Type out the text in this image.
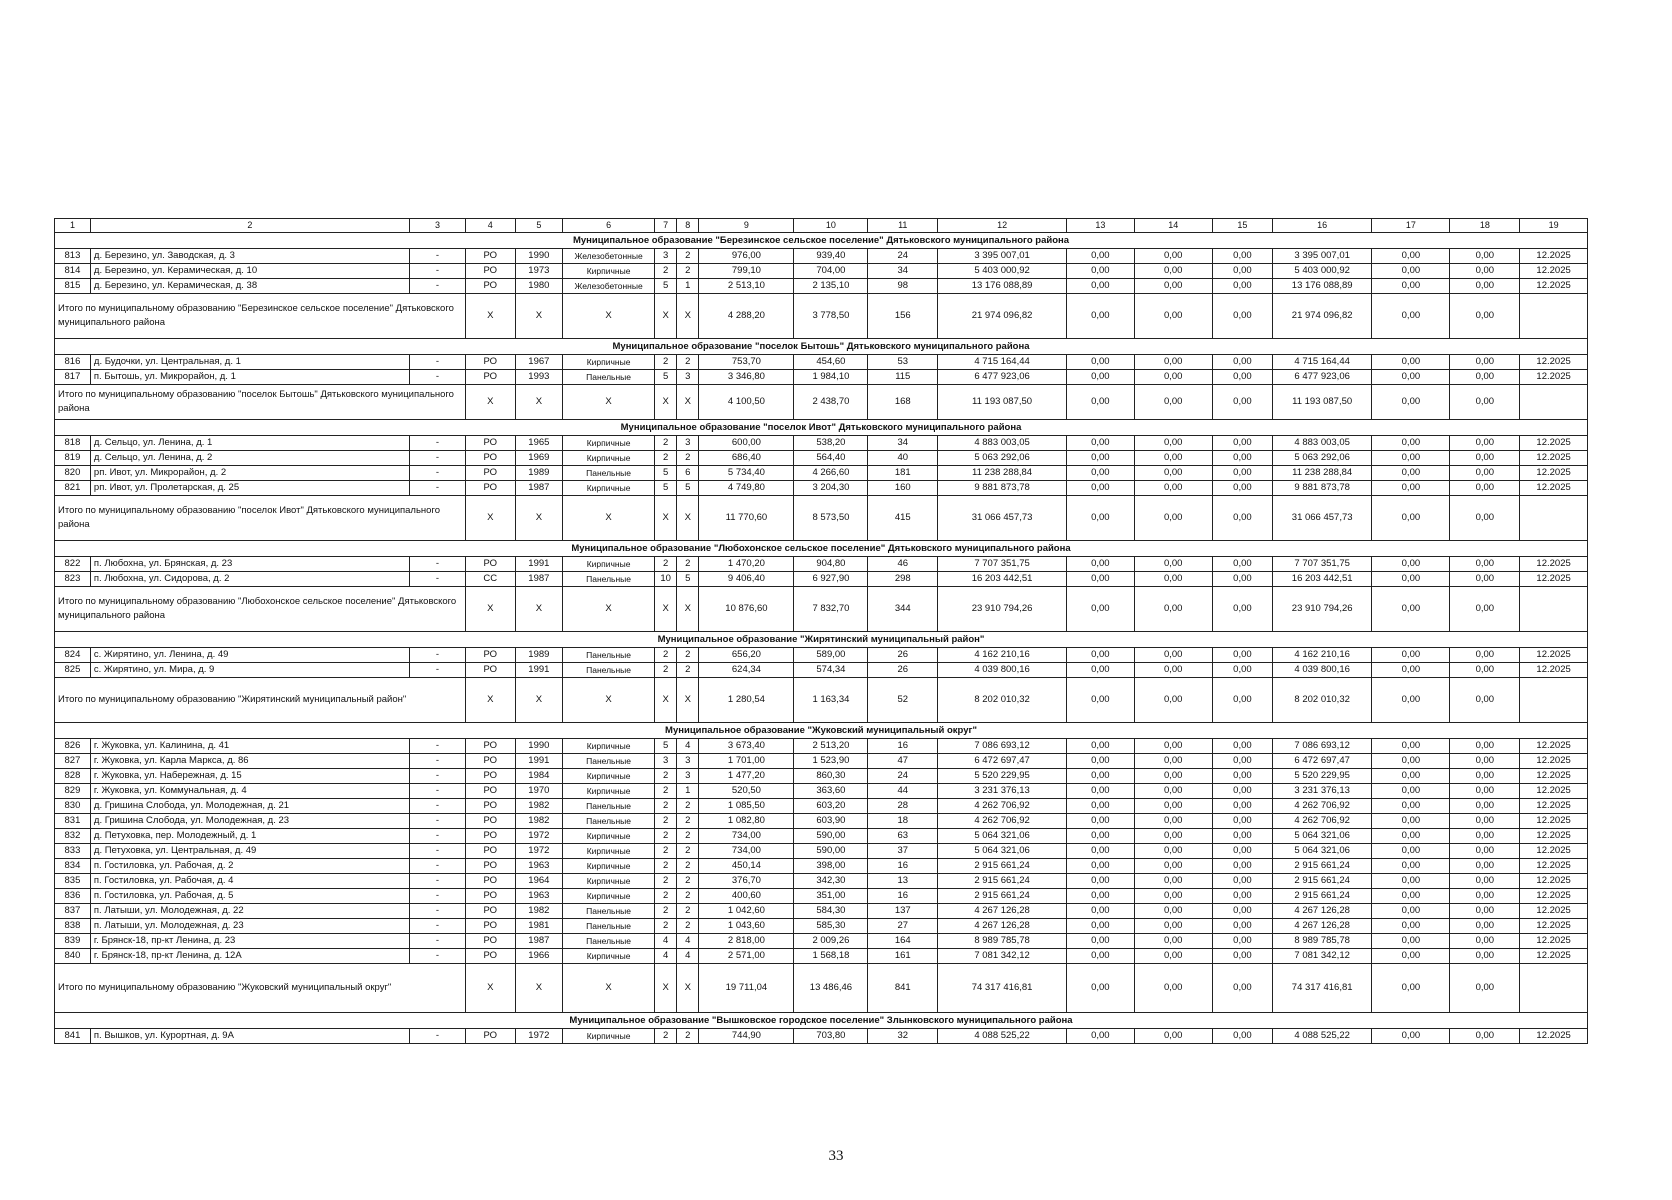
1	2	3	4	5	6	7	8	9	10	11	12	13	14	15	16	17	18	19
Муниципальное образование "Березинское сельское поселение" Дятьковского муниципального района																		
813	д. Березино, ул. Заводская, д. 3	-	РО	1990	Железобетонные	3	2	976,00	939,40	24	3 395 007,01	0,00	0,00	0,00	3 395 007,01	0,00	0,00	12.2025
814	д. Березино, ул. Керамическая, д. 10	-	РО	1973	Кирпичные	2	2	799,10	704,00	34	5 403 000,92	0,00	0,00	0,00	5 403 000,92	0,00	0,00	12.2025
815	д. Березино, ул. Керамическая, д. 38	-	РО	1980	Железобетонные	5	1	2 513,10	2 135,10	98	13 176 088,89	0,00	0,00	0,00	13 176 088,89	0,00	0,00	12.2025
Итого по муниципальному образованию "Березинское сельское поселение" Дятьковского муниципального района			X	X	X	X	X	4 288,20	3 778,50	156	21 974 096,82	0,00	0,00	0,00	21 974 096,82	0,00	0,00	
Муниципальное образование "поселок Бытошь" Дятьковского муниципального района																		
816	д. Будочки, ул. Центральная, д. 1	-	РО	1967	Кирпичные	2	2	753,70	454,60	53	4 715 164,44	0,00	0,00	0,00	4 715 164,44	0,00	0,00	12.2025
817	п. Бытошь, ул. Микрорайон, д. 1	-	РО	1993	Панельные	5	3	3 346,80	1 984,10	115	6 477 923,06	0,00	0,00	0,00	6 477 923,06	0,00	0,00	12.2025
Итого по муниципальному образованию "поселок Бытошь" Дятьковского муниципального района			X	X	X	X	X	4 100,50	2 438,70	168	11 193 087,50	0,00	0,00	0,00	11 193 087,50	0,00	0,00	
Муниципальное образование "поселок Ивот" Дятьковского муниципального района																		
818	д. Сельцо, ул. Ленина, д. 1	-	РО	1965	Кирпичные	2	3	600,00	538,20	34	4 883 003,05	0,00	0,00	0,00	4 883 003,05	0,00	0,00	12.2025
819	д. Сельцо, ул. Ленина, д. 2	-	РО	1969	Кирпичные	2	2	686,40	564,40	40	5 063 292,06	0,00	0,00	0,00	5 063 292,06	0,00	0,00	12.2025
820	рп. Ивот, ул. Микрорайон, д. 2	-	РО	1989	Панельные	5	6	5 734,40	4 266,60	181	11 238 288,84	0,00	0,00	0,00	11 238 288,84	0,00	0,00	12.2025
821	рп. Ивот, ул. Пролетарская, д. 25	-	РО	1987	Кирпичные	5	5	4 749,80	3 204,30	160	9 881 873,78	0,00	0,00	0,00	9 881 873,78	0,00	0,00	12.2025
Итого по муниципальному образованию "поселок Ивот" Дятьковского муниципального района			X	X	X	X	X	11 770,60	8 573,50	415	31 066 457,73	0,00	0,00	0,00	31 066 457,73	0,00	0,00	
Муниципальное образование "Любохонское сельское поселение" Дятьковского муниципального района																		
822	п. Любохна, ул. Брянская, д. 23	-	РО	1991	Кирпичные	2	2	1 470,20	904,80	46	7 707 351,75	0,00	0,00	0,00	7 707 351,75	0,00	0,00	12.2025
823	п. Любохна, ул. Сидорова, д. 2	-	СС	1987	Панельные	10	5	9 406,40	6 927,90	298	16 203 442,51	0,00	0,00	0,00	16 203 442,51	0,00	0,00	12.2025
Итого по муниципальному образованию "Любохонское сельское поселение" Дятьковского муниципального района			X	X	X	X	X	10 876,60	7 832,70	344	23 910 794,26	0,00	0,00	0,00	23 910 794,26	0,00	0,00	
Муниципальное образование "Жирятинский муниципальный район"																		
824	с. Жирятино, ул. Ленина, д. 49	-	РО	1989	Панельные	2	2	656,20	589,00	26	4 162 210,16	0,00	0,00	0,00	4 162 210,16	0,00	0,00	12.2025
825	с. Жирятино, ул. Мира, д. 9	-	РО	1991	Панельные	2	2	624,34	574,34	26	4 039 800,16	0,00	0,00	0,00	4 039 800,16	0,00	0,00	12.2025
Итого по муниципальному образованию "Жирятинский муниципальный район"			X	X	X	X	X	1 280,54	1 163,34	52	8 202 010,32	0,00	0,00	0,00	8 202 010,32	0,00	0,00	
Муниципальное образование "Жуковский муниципальный округ"																		
826	г. Жуковка, ул. Калинина, д. 41	-	РО	1990	Кирпичные	5	4	3 673,40	2 513,20	16	7 086 693,12	0,00	0,00	0,00	7 086 693,12	0,00	0,00	12.2025
827	г. Жуковка, ул. Карла Маркса, д. 86	-	РО	1991	Панельные	3	3	1 701,00	1 523,90	47	6 472 697,47	0,00	0,00	0,00	6 472 697,47	0,00	0,00	12.2025
828	г. Жуковка, ул. Набережная, д. 15	-	РО	1984	Кирпичные	2	3	1 477,20	860,30	24	5 520 229,95	0,00	0,00	0,00	5 520 229,95	0,00	0,00	12.2025
829	г. Жуковка, ул. Коммунальная, д. 4	-	РО	1970	Кирпичные	2	1	520,50	363,60	44	3 231 376,13	0,00	0,00	0,00	3 231 376,13	0,00	0,00	12.2025
830	д. Гришина Слобода, ул. Молодежная, д. 21	-	РО	1982	Панельные	2	2	1 085,50	603,20	28	4 262 706,92	0,00	0,00	0,00	4 262 706,92	0,00	0,00	12.2025
831	д. Гришина Слобода, ул. Молодежная, д. 23	-	РО	1982	Панельные	2	2	1 082,80	603,90	18	4 262 706,92	0,00	0,00	0,00	4 262 706,92	0,00	0,00	12.2025
832	д. Петуховка, пер. Молодежный, д. 1	-	РО	1972	Кирпичные	2	2	734,00	590,00	63	5 064 321,06	0,00	0,00	0,00	5 064 321,06	0,00	0,00	12.2025
833	д. Петуховка, ул. Центральная, д. 49	-	РО	1972	Кирпичные	2	2	734,00	590,00	37	5 064 321,06	0,00	0,00	0,00	5 064 321,06	0,00	0,00	12.2025
834	п. Гостиловка, ул. Рабочая, д. 2	-	РО	1963	Кирпичные	2	2	450,14	398,00	16	2 915 661,24	0,00	0,00	0,00	2 915 661,24	0,00	0,00	12.2025
835	п. Гостиловка, ул. Рабочая, д. 4	-	РО	1964	Кирпичные	2	2	376,70	342,30	13	2 915 661,24	0,00	0,00	0,00	2 915 661,24	0,00	0,00	12.2025
836	п. Гостиловка, ул. Рабочая, д. 5	-	РО	1963	Кирпичные	2	2	400,60	351,00	16	2 915 661,24	0,00	0,00	0,00	2 915 661,24	0,00	0,00	12.2025
837	п. Латыши, ул. Молодежная, д. 22	-	РО	1982	Панельные	2	2	1 042,60	584,30	137	4 267 126,28	0,00	0,00	0,00	4 267 126,28	0,00	0,00	12.2025
838	п. Латыши, ул. Молодежная, д. 23	-	РО	1981	Панельные	2	2	1 043,60	585,30	27	4 267 126,28	0,00	0,00	0,00	4 267 126,28	0,00	0,00	12.2025
839	г. Брянск-18, пр-кт Ленина, д. 23	-	РО	1987	Панельные	4	4	2 818,00	2 009,26	164	8 989 785,78	0,00	0,00	0,00	8 989 785,78	0,00	0,00	12.2025
840	г. Брянск-18, пр-кт Ленина, д. 12А	-	РО	1966	Кирпичные	4	4	2 571,00	1 568,18	161	7 081 342,12	0,00	0,00	0,00	7 081 342,12	0,00	0,00	12.2025
Итого по муниципальному образованию "Жуковский муниципальный округ"			X	X	X	X	X	19 711,04	13 486,46	841	74 317 416,81	0,00	0,00	0,00	74 317 416,81	0,00	0,00	
Муниципальное образование "Вышковское городское поселение" Злынковского муниципального района																		
841	п. Вышков, ул. Курортная, д. 9А	-	РО	1972	Кирпичные	2	2	744,90	703,80	32	4 088 525,22	0,00	0,00	0,00	4 088 525,22	0,00	0,00	12.2025
33
